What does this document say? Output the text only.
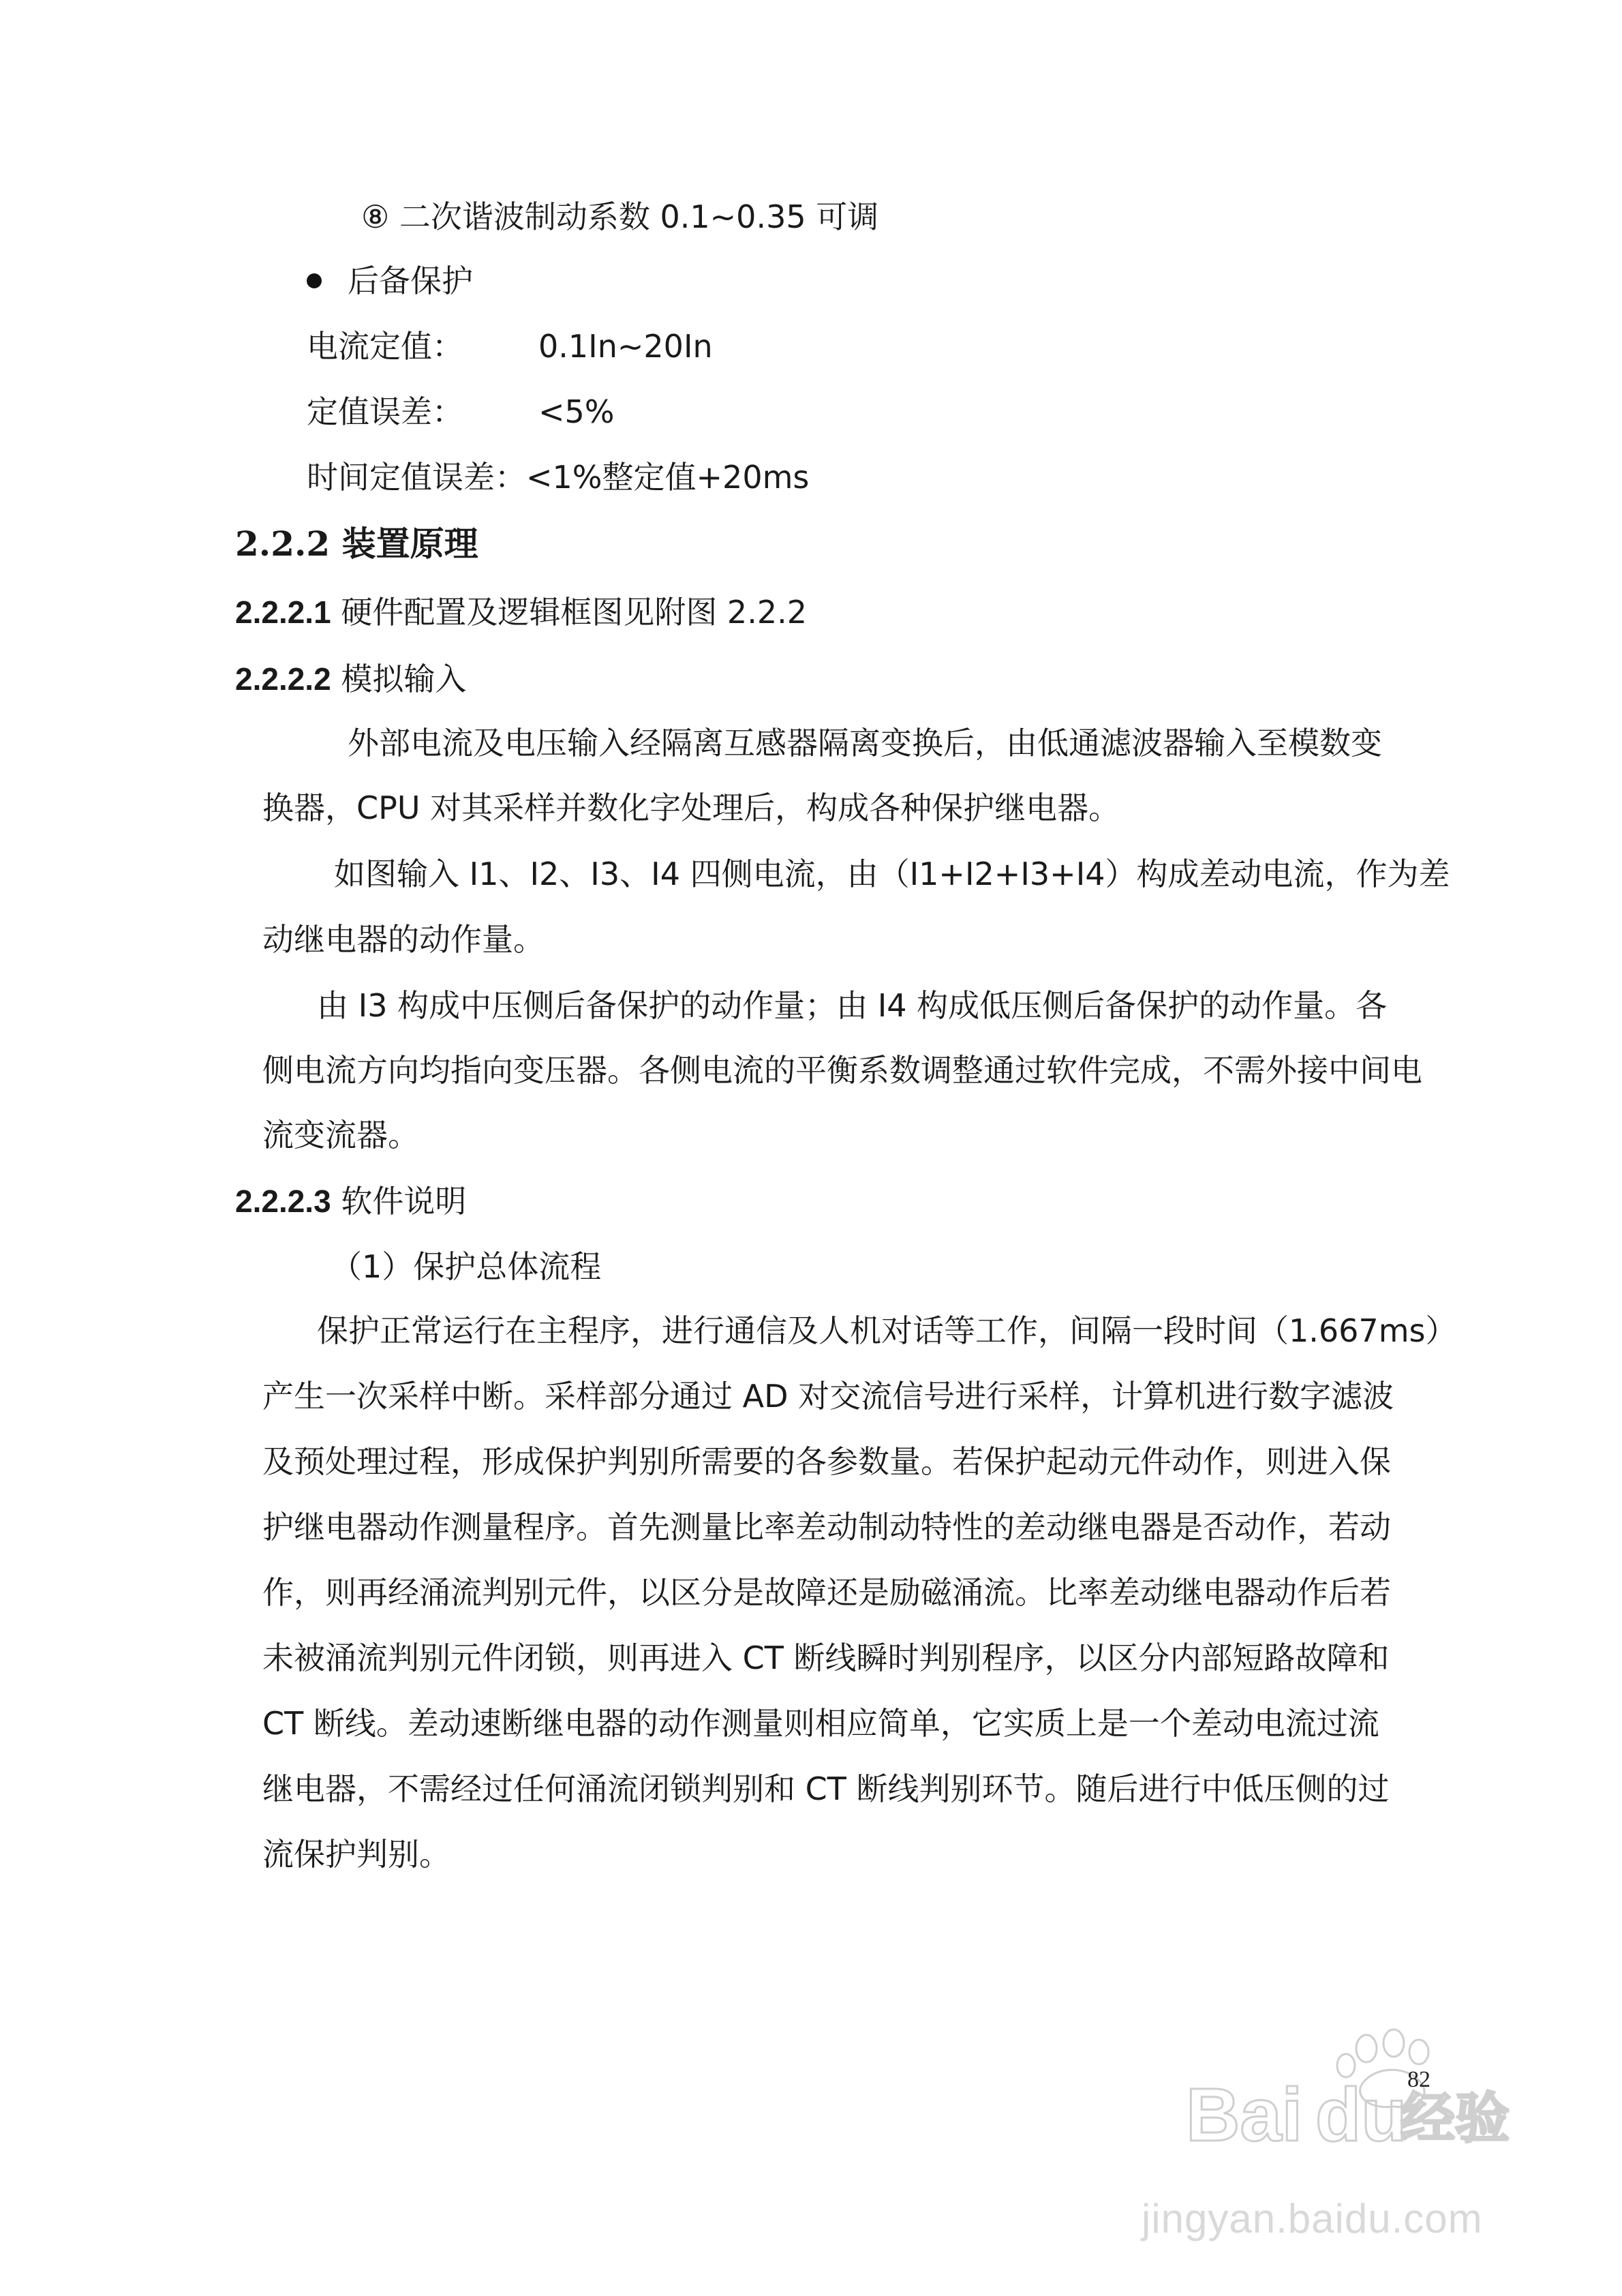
⑧ 二次谐波制动系数 0.1~0.35 可调
后备保护
电流定值： 0.1In~20In
定值误差： <5%
时间定值误差：<1%整定值+20ms
2.2.2 装置原理
2.2.2.1 硬件配置及逻辑框图见附图 2.2.2
2.2.2.2 模拟输入
外部电流及电压输入经隔离互感器隔离变换后，由低通滤波器输入至模数变
换器，CPU 对其采样并数化字处理后，构成各种保护继电器。
如图输入 I1、I2、I3、I4 四侧电流，由（I1+I2+I3+I4）构成差动电流，作为差
动继电器的动作量。
由 I3 构成中压侧后备保护的动作量；由 I4 构成低压侧后备保护的动作量。各
侧电流方向均指向变压器。各侧电流的平衡系数调整通过软件完成，不需外接中间电
流变流器。
2.2.2.3 软件说明
（1）保护总体流程
保护正常运行在主程序，进行通信及人机对话等工作，间隔一段时间（1.667ms）
产生一次采样中断。采样部分通过 AD 对交流信号进行采样，计算机进行数字滤波
及预处理过程，形成保护判别所需要的各参数量。若保护起动元件动作，则进入保
护继电器动作测量程序。首先测量比率差动制动特性的差动继电器是否动作，若动
作，则再经涌流判别元件，以区分是故障还是励磁涌流。比率差动继电器动作后若
未被涌流判别元件闭锁，则再进入 CT 断线瞬时判别程序，以区分内部短路故障和
CT 断线。差动速断继电器的动作测量则相应简单，它实质上是一个差动电流过流
继电器，不需经过任何涌流闭锁判别和 CT 断线判别环节。随后进行中低压侧的过
流保护判别。
Bai du
经验
82
jingyan.baidu.com
